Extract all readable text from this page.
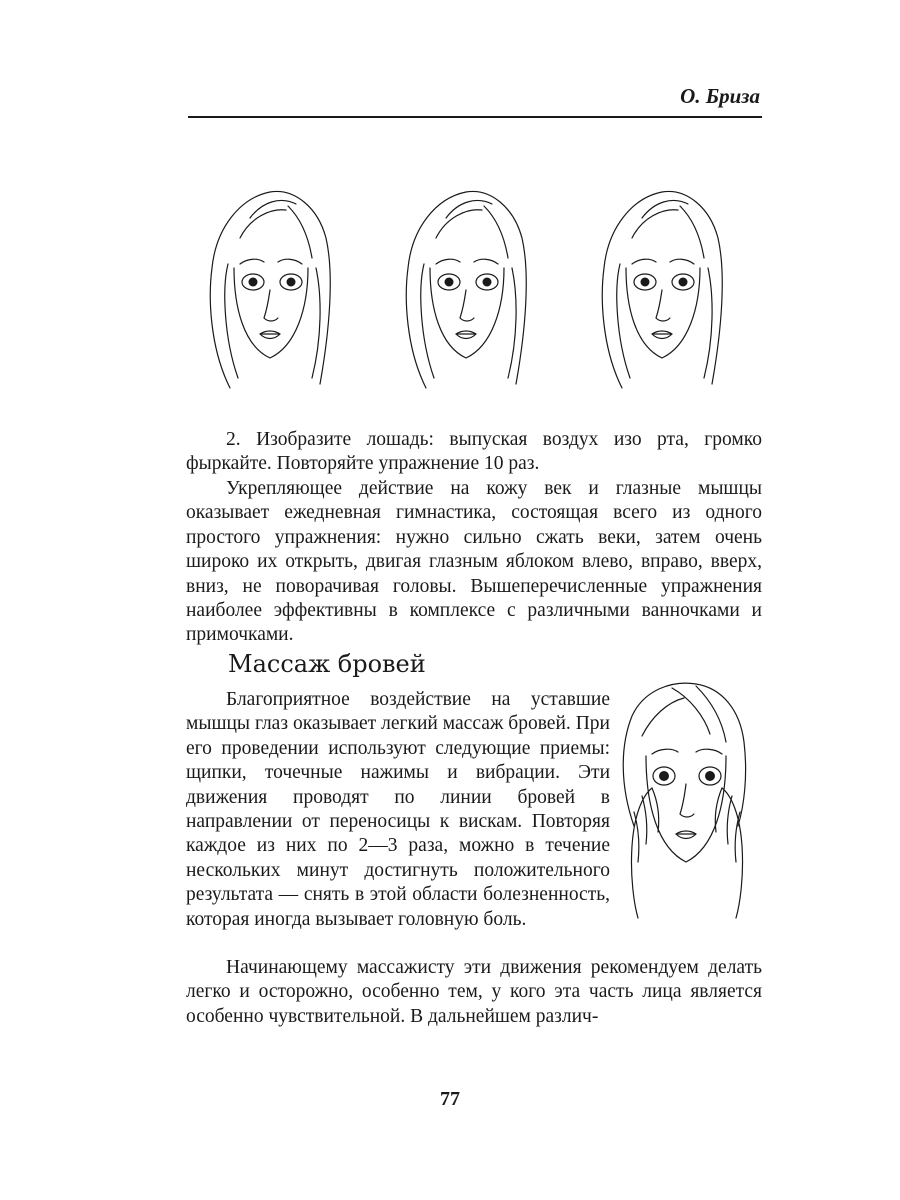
О. Бриза

2. Изобразите лошадь: выпуская воздух изо рта, громко фыркайте. Повторяйте упражнение 10 раз.

Укрепляющее действие на кожу век и глазные мышцы оказывает ежедневная гимнастика, состоящая всего из одного простого упражнения: нужно сильно сжать веки, затем очень широко их открыть, двигая глазным яблоком влево, вправо, вверх, вниз, не поворачивая головы. Вышеперечисленные упражнения наиболее эффективны в комплексе с различными ванночками и примочками.

Массаж бровей

Благоприятное воздействие на уставшие мышцы глаз оказывает легкий массаж бровей. При его проведении используют следующие приемы: щипки, точечные нажимы и вибрации. Эти движения проводят по линии бровей в направлении от переносицы к вискам. Повторяя каждое из них по 2—3 раза, можно в течение нескольких минут достигнуть положительного результата — снять в этой области болезненность, которая иногда вызывает головную боль.

Начинающему массажисту эти движения рекомендуем делать легко и осторожно, особенно тем, у кого эта часть лица является особенно чувствительной. В дальнейшем различ-

77
